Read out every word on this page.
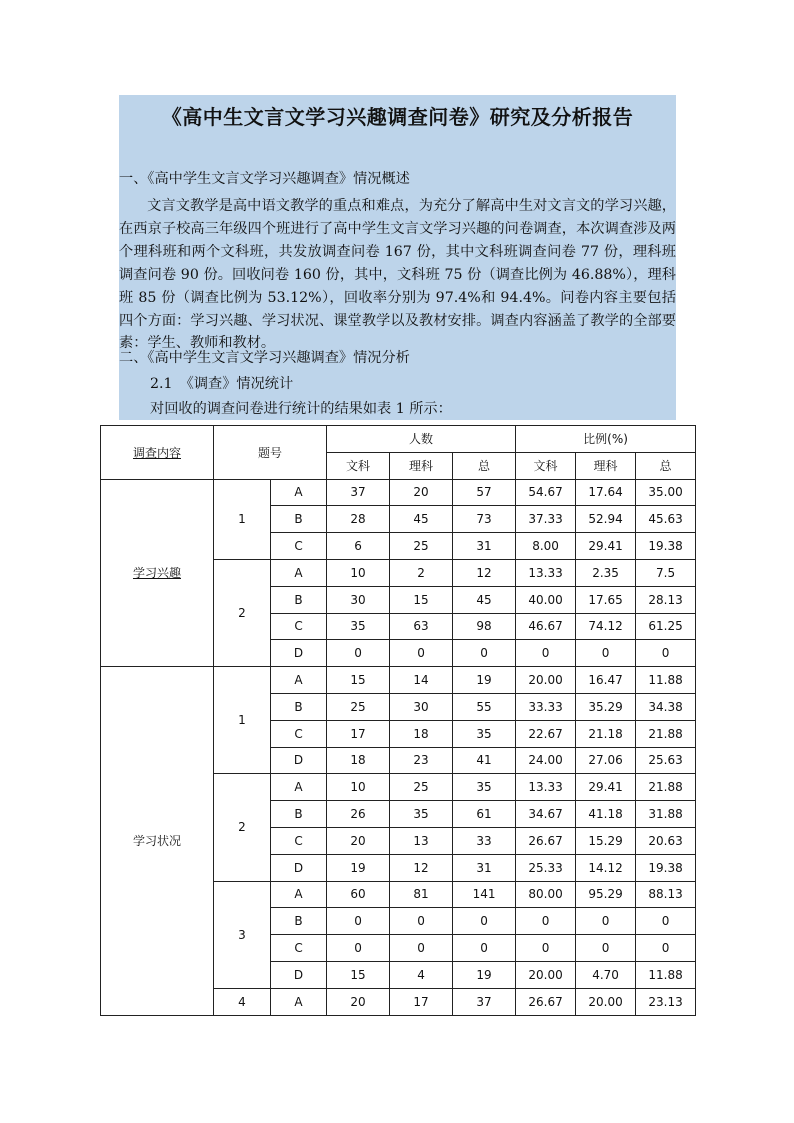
《高中生文言文学习兴趣调查问卷》研究及分析报告
一、《高中学生文言文学习兴趣调查》情况概述

文言文教学是高中语文教学的重点和难点，为充分了解高中生对文言文的学习兴趣，在西京子校高三年级四个班进行了高中学生文言文学习兴趣的问卷调查，本次调查涉及两个理科班和两个文科班，共发放调查问卷 167 份，其中文科班调查问卷 77 份，理科班调查问卷 90 份。回收问卷 160 份，其中，文科班 75 份（调查比例为 46.88%），理科班 85 份（调查比例为 53.12%），回收率分别为 97.4%和 94.4%。问卷内容主要包括四个方面：学习兴趣、学习状况、课堂教学以及教材安排。调查内容涵盖了教学的全部要素：学生、教师和教材。

二、《高中学生文言文学习兴趣调查》情况分析
2.1　《调查》情况统计
对回收的调查问卷进行统计的结果如表 1 所示：
调查内容	题号		人数			比例(%)		
			文科	理科	总	文科	理科	总
学习兴趣	1	A	37	20	57	54.67	17.64	35.00
		B	28	45	73	37.33	52.94	45.63
		C	6	25	31	8.00	29.41	19.38
	2	A	10	2	12	13.33	2.35	7.5
		B	30	15	45	40.00	17.65	28.13
		C	35	63	98	46.67	74.12	61.25
		D	0	0	0	0	0	0
学习状况	1	A	15	14	19	20.00	16.47	11.88
		B	25	30	55	33.33	35.29	34.38
		C	17	18	35	22.67	21.18	21.88
		D	18	23	41	24.00	27.06	25.63
	2	A	10	25	35	13.33	29.41	21.88
		B	26	35	61	34.67	41.18	31.88
		C	20	13	33	26.67	15.29	20.63
		D	19	12	31	25.33	14.12	19.38
	3	A	60	81	141	80.00	95.29	88.13
		B	0	0	0	0	0	0
		C	0	0	0	0	0	0
		D	15	4	19	20.00	4.70	11.88
	4	A	20	17	37	26.67	20.00	23.13
